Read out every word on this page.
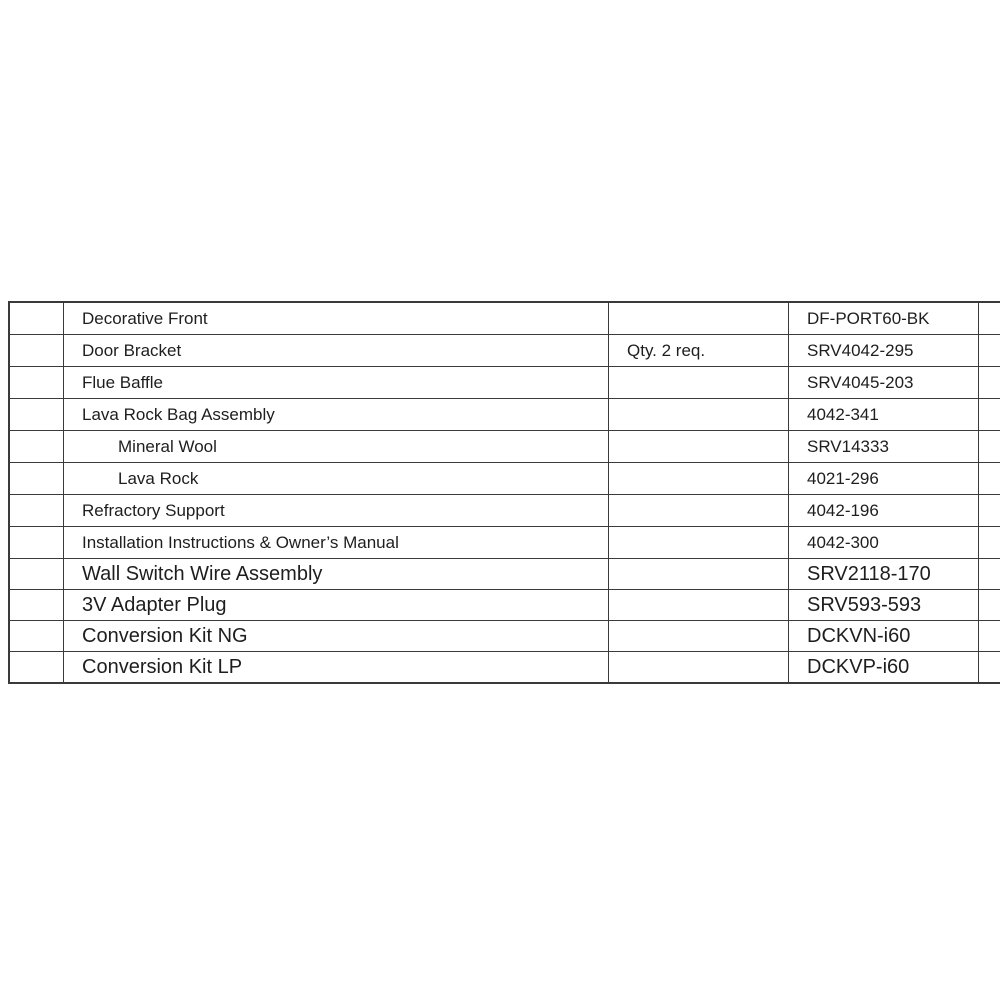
	Decorative Front		DF-PORT60-BK	
	Door Bracket	Qty. 2 req.	SRV4042-295	
	Flue Baffle		SRV4045-203	
	Lava Rock Bag Assembly		4042-341	
	Mineral Wool		SRV14333	
	Lava Rock		4021-296	
	Refractory Support		4042-196	
	Installation Instructions & Owner’s Manual		4042-300	
	Wall Switch Wire Assembly		SRV2118-170	
	3V Adapter Plug		SRV593-593	
	Conversion Kit NG		DCKVN-i60	
	Conversion Kit LP		DCKVP-i60	
